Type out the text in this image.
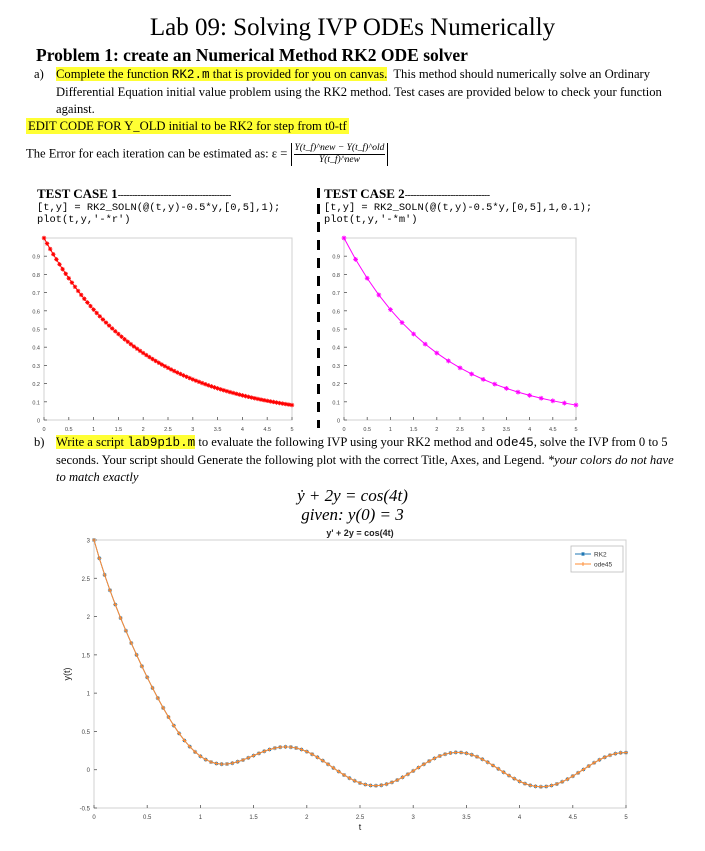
Lab 09: Solving IVP ODEs Numerically
Problem 1: create an Numerical Method RK2 ODE solver
a) Complete the function RK2.m that is provided for you on canvas. This method should numerically solve an Ordinary Differential Equation initial value problem using the RK2 method. Test cases are provided below to check your function against.
EDIT CODE FOR Y_OLD initial to be RK2 for step from t0-tf
The Error for each iteration can be estimated as: $\varepsilon = \frac{\text{Y(t\_f)\textasciicircum{}new − Y(t\_f)\textasciicircum{}old}}{\text{Y(t\_f)\textasciicircum{}new}}$
TEST CASE 1----------------------------------------
[t,y] = RK2_SOLN(@(t,y)-0.5*y,[0,5],1);
plot(t,y,'-*r')
TEST CASE 2------------------------------
[t,y] = RK2_SOLN(@(t,y)-0.5*y,[0,5],1,0.1);
plot(t,y,'-*m')
0	0.5	1	1.5	2	2.5	3	3.5	4	4.5	5
0
0.1
0.2
0.3
0.4
0.5
0.6
0.7
0.8
0.9
0	0.5	1	1.5	2	2.5	3	3.5	4	4.5	5
0
0.1
0.2
0.3
0.4
0.5
0.6
0.7
0.8
0.9
b) Write a script lab9p1b.m to evaluate the following IVP using your RK2 method and ode45, solve the IVP from 0 to 5 seconds. Your script should Generate the following plot with the correct Title, Axes, and Legend. *your colors do not have to match exactly
ẏ + 2y = cos(4t)
given: y(0) = 3
0	0.5	1	1.5	2	2.5	3	3.5	4	4.5	5
-0.5
0
0.5
1
1.5
2
2.5
3
y' + 2y = cos(4t)
t
y(t)
RK2
ode45
